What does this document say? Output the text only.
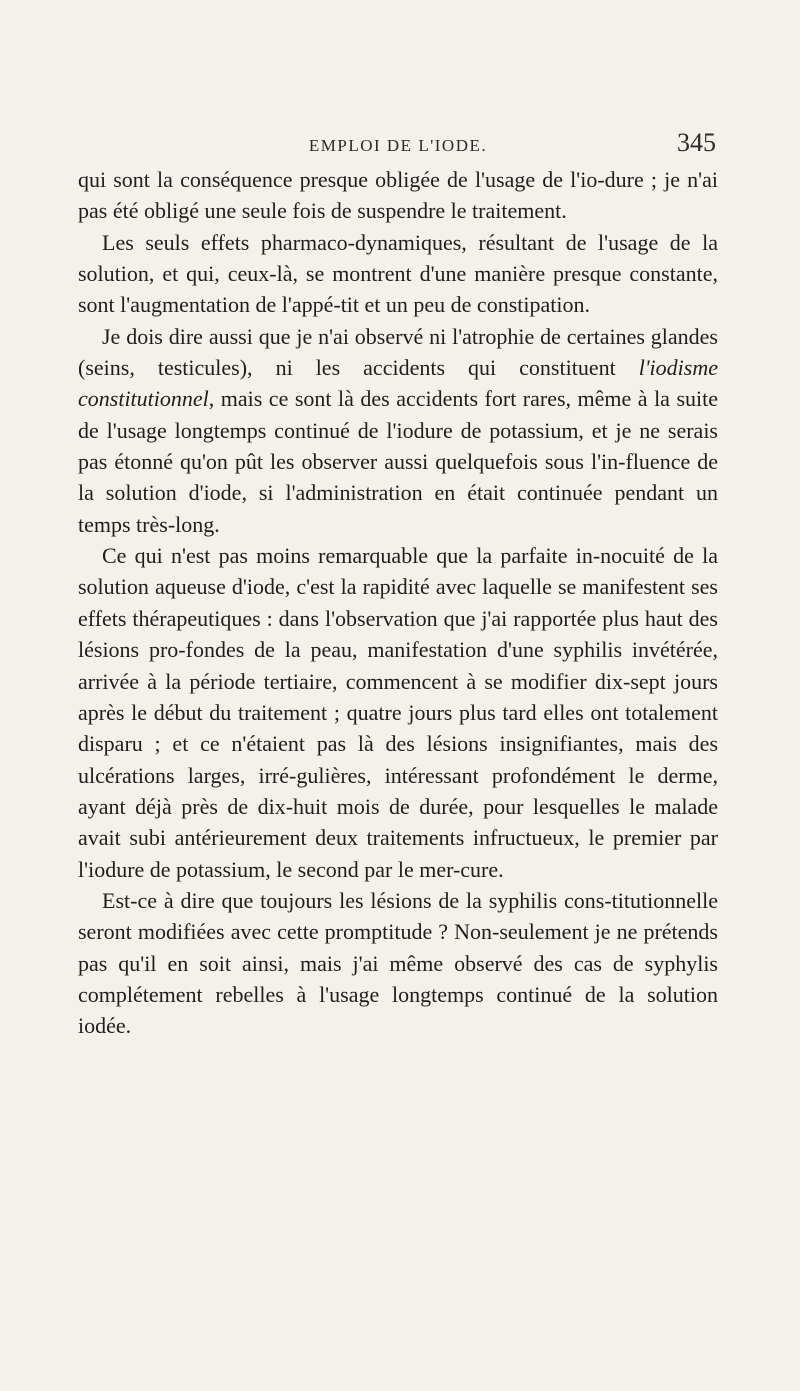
EMPLOI DE L'IODE.	345

qui sont la conséquence presque obligée de l'usage de l'io-dure ; je n'ai pas été obligé une seule fois de suspendre le traitement.

Les seuls effets pharmaco-dynamiques, résultant de l'usage de la solution, et qui, ceux-là, se montrent d'une manière presque constante, sont l'augmentation de l'appé-tit et un peu de constipation.

Je dois dire aussi que je n'ai observé ni l'atrophie de certaines glandes (seins, testicules), ni les accidents qui constituent l'iodisme constitutionnel, mais ce sont là des accidents fort rares, même à la suite de l'usage longtemps continué de l'iodure de potassium, et je ne serais pas étonné qu'on pût les observer aussi quelquefois sous l'in-fluence de la solution d'iode, si l'administration en était continuée pendant un temps très-long.

Ce qui n'est pas moins remarquable que la parfaite in-nocuité de la solution aqueuse d'iode, c'est la rapidité avec laquelle se manifestent ses effets thérapeutiques : dans l'observation que j'ai rapportée plus haut des lésions pro-fondes de la peau, manifestation d'une syphilis invétérée, arrivée à la période tertiaire, commencent à se modifier dix-sept jours après le début du traitement ; quatre jours plus tard elles ont totalement disparu ; et ce n'étaient pas là des lésions insignifiantes, mais des ulcérations larges, irré-gulières, intéressant profondément le derme, ayant déjà près de dix-huit mois de durée, pour lesquelles le malade avait subi antérieurement deux traitements infructueux, le premier par l'iodure de potassium, le second par le mer-cure.

Est-ce à dire que toujours les lésions de la syphilis cons-titutionnelle seront modifiées avec cette promptitude ? Non-seulement je ne prétends pas qu'il en soit ainsi, mais j'ai même observé des cas de syphylis complétement rebelles à l'usage longtemps continué de la solution iodée.
